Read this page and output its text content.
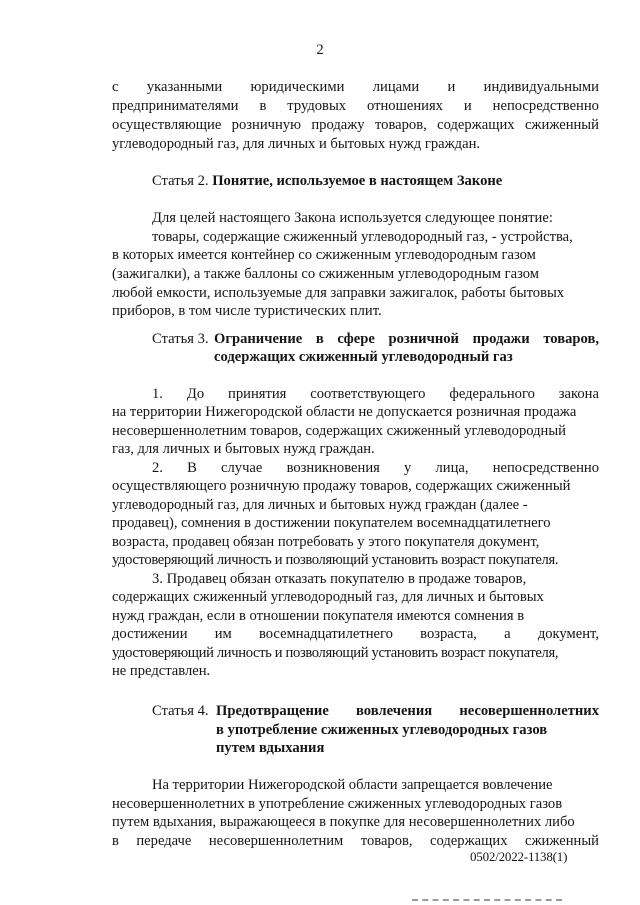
2
с указанными юридическими лицами и индивидуальными
предпринимателями в трудовых отношениях и непосредственно
осуществляющие розничную продажу товаров, содержащих сжиженный
углеводородный газ, для личных и бытовых нужд граждан.
Статья 2. Понятие, используемое в настоящем Законе
Для целей настоящего Закона используется следующее понятие:
товары, содержащие сжиженный углеводородный газ, - устройства,
в которых имеется контейнер со сжиженным углеводородным газом
(зажигалки), а также баллоны со сжиженным углеводородным газом
любой емкости, используемые для заправки зажигалок, работы бытовых
приборов, в том числе туристических плит.
Статья 3. Ограничение в сфере розничной продажи товаров,
содержащих сжиженный углеводородный газ
1. До принятия соответствующего федерального закона
на территории Нижегородской области не допускается розничная продажа
несовершеннолетним товаров, содержащих сжиженный углеводородный
газ, для личных и бытовых нужд граждан.
2. В случае возникновения у лица, непосредственно
осуществляющего розничную продажу товаров, содержащих сжиженный
углеводородный газ, для личных и бытовых нужд граждан (далее -
продавец), сомнения в достижении покупателем восемнадцатилетнего
возраста, продавец обязан потребовать у этого покупателя документ,
удостоверяющий личность и позволяющий установить возраст покупателя.
3. Продавец обязан отказать покупателю в продаже товаров,
содержащих сжиженный углеводородный газ, для личных и бытовых
нужд граждан, если в отношении покупателя имеются сомнения в
достижении им восемнадцатилетнего возраста, а документ,
удостоверяющий личность и позволяющий установить возраст покупателя,
не представлен.
Статья 4. Предотвращение вовлечения несовершеннолетних
в употребление сжиженных углеводородных газов
путем вдыхания
На территории Нижегородской области запрещается вовлечение
несовершеннолетних в употребление сжиженных углеводородных газов
путем вдыхания, выражающееся в покупке для несовершеннолетних либо
в передаче несовершеннолетним товаров, содержащих сжиженный
0502/2022-1138(1)
